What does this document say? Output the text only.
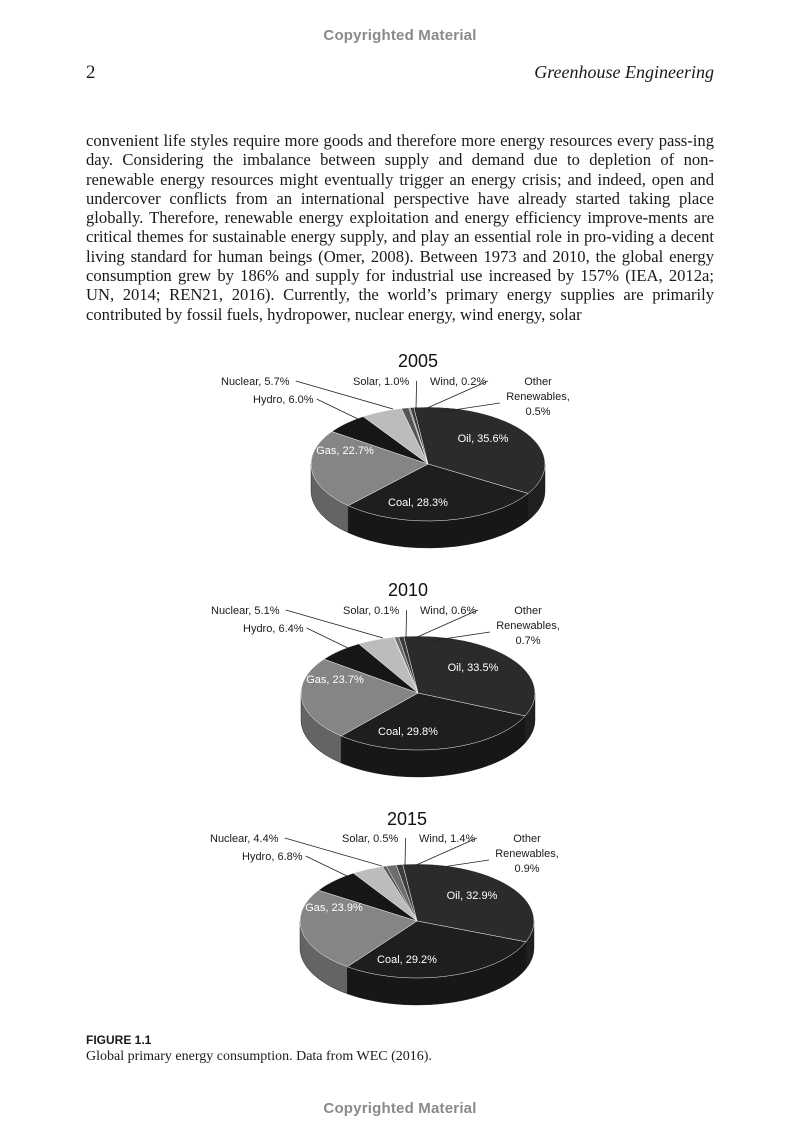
Copyrighted Material
2	Greenhouse Engineering

convenient life styles require more goods and therefore more energy resources every pass-ing day. Considering the imbalance between supply and demand due to depletion of non-renewable energy resources might eventually trigger an energy crisis; and indeed, open and undercover conflicts from an international perspective have already started taking place globally. Therefore, renewable energy exploitation and energy efficiency improve-ments are critical themes for sustainable energy supply, and play an essential role in pro-viding a decent living standard for human beings (Omer, 2008). Between 1973 and 2010, the global energy consumption grew by 186% and supply for industrial use increased by 157% (IEA, 2012a; UN, 2014; REN21, 2016). Currently, the world’s primary energy supplies are primarily contributed by fossil fuels, hydropower, nuclear energy, wind energy, solar

2005
Oil, 35.6%
Coal, 28.3%
Gas, 22.7%
Hydro, 6.0%
Nuclear, 5.7%	Solar, 1.0% Wind, 0.2%	Other Renewables, 0.5%
2010
Oil, 33.5%
Coal, 29.8%
Gas, 23.7%
Hydro, 6.4%
Nuclear, 5.1%	Solar, 0.1% Wind, 0.6%	Other Renewables, 0.7%
2015
Oil, 32.9%
Coal, 29.2%
Gas, 23.9%
Hydro, 6.8%
Nuclear, 4.4%	Solar, 0.5% Wind, 1.4%	Other Renewables, 0.9%
FIGURE 1.1
Global primary energy consumption. Data from WEC (2016).
Copyrighted Material
